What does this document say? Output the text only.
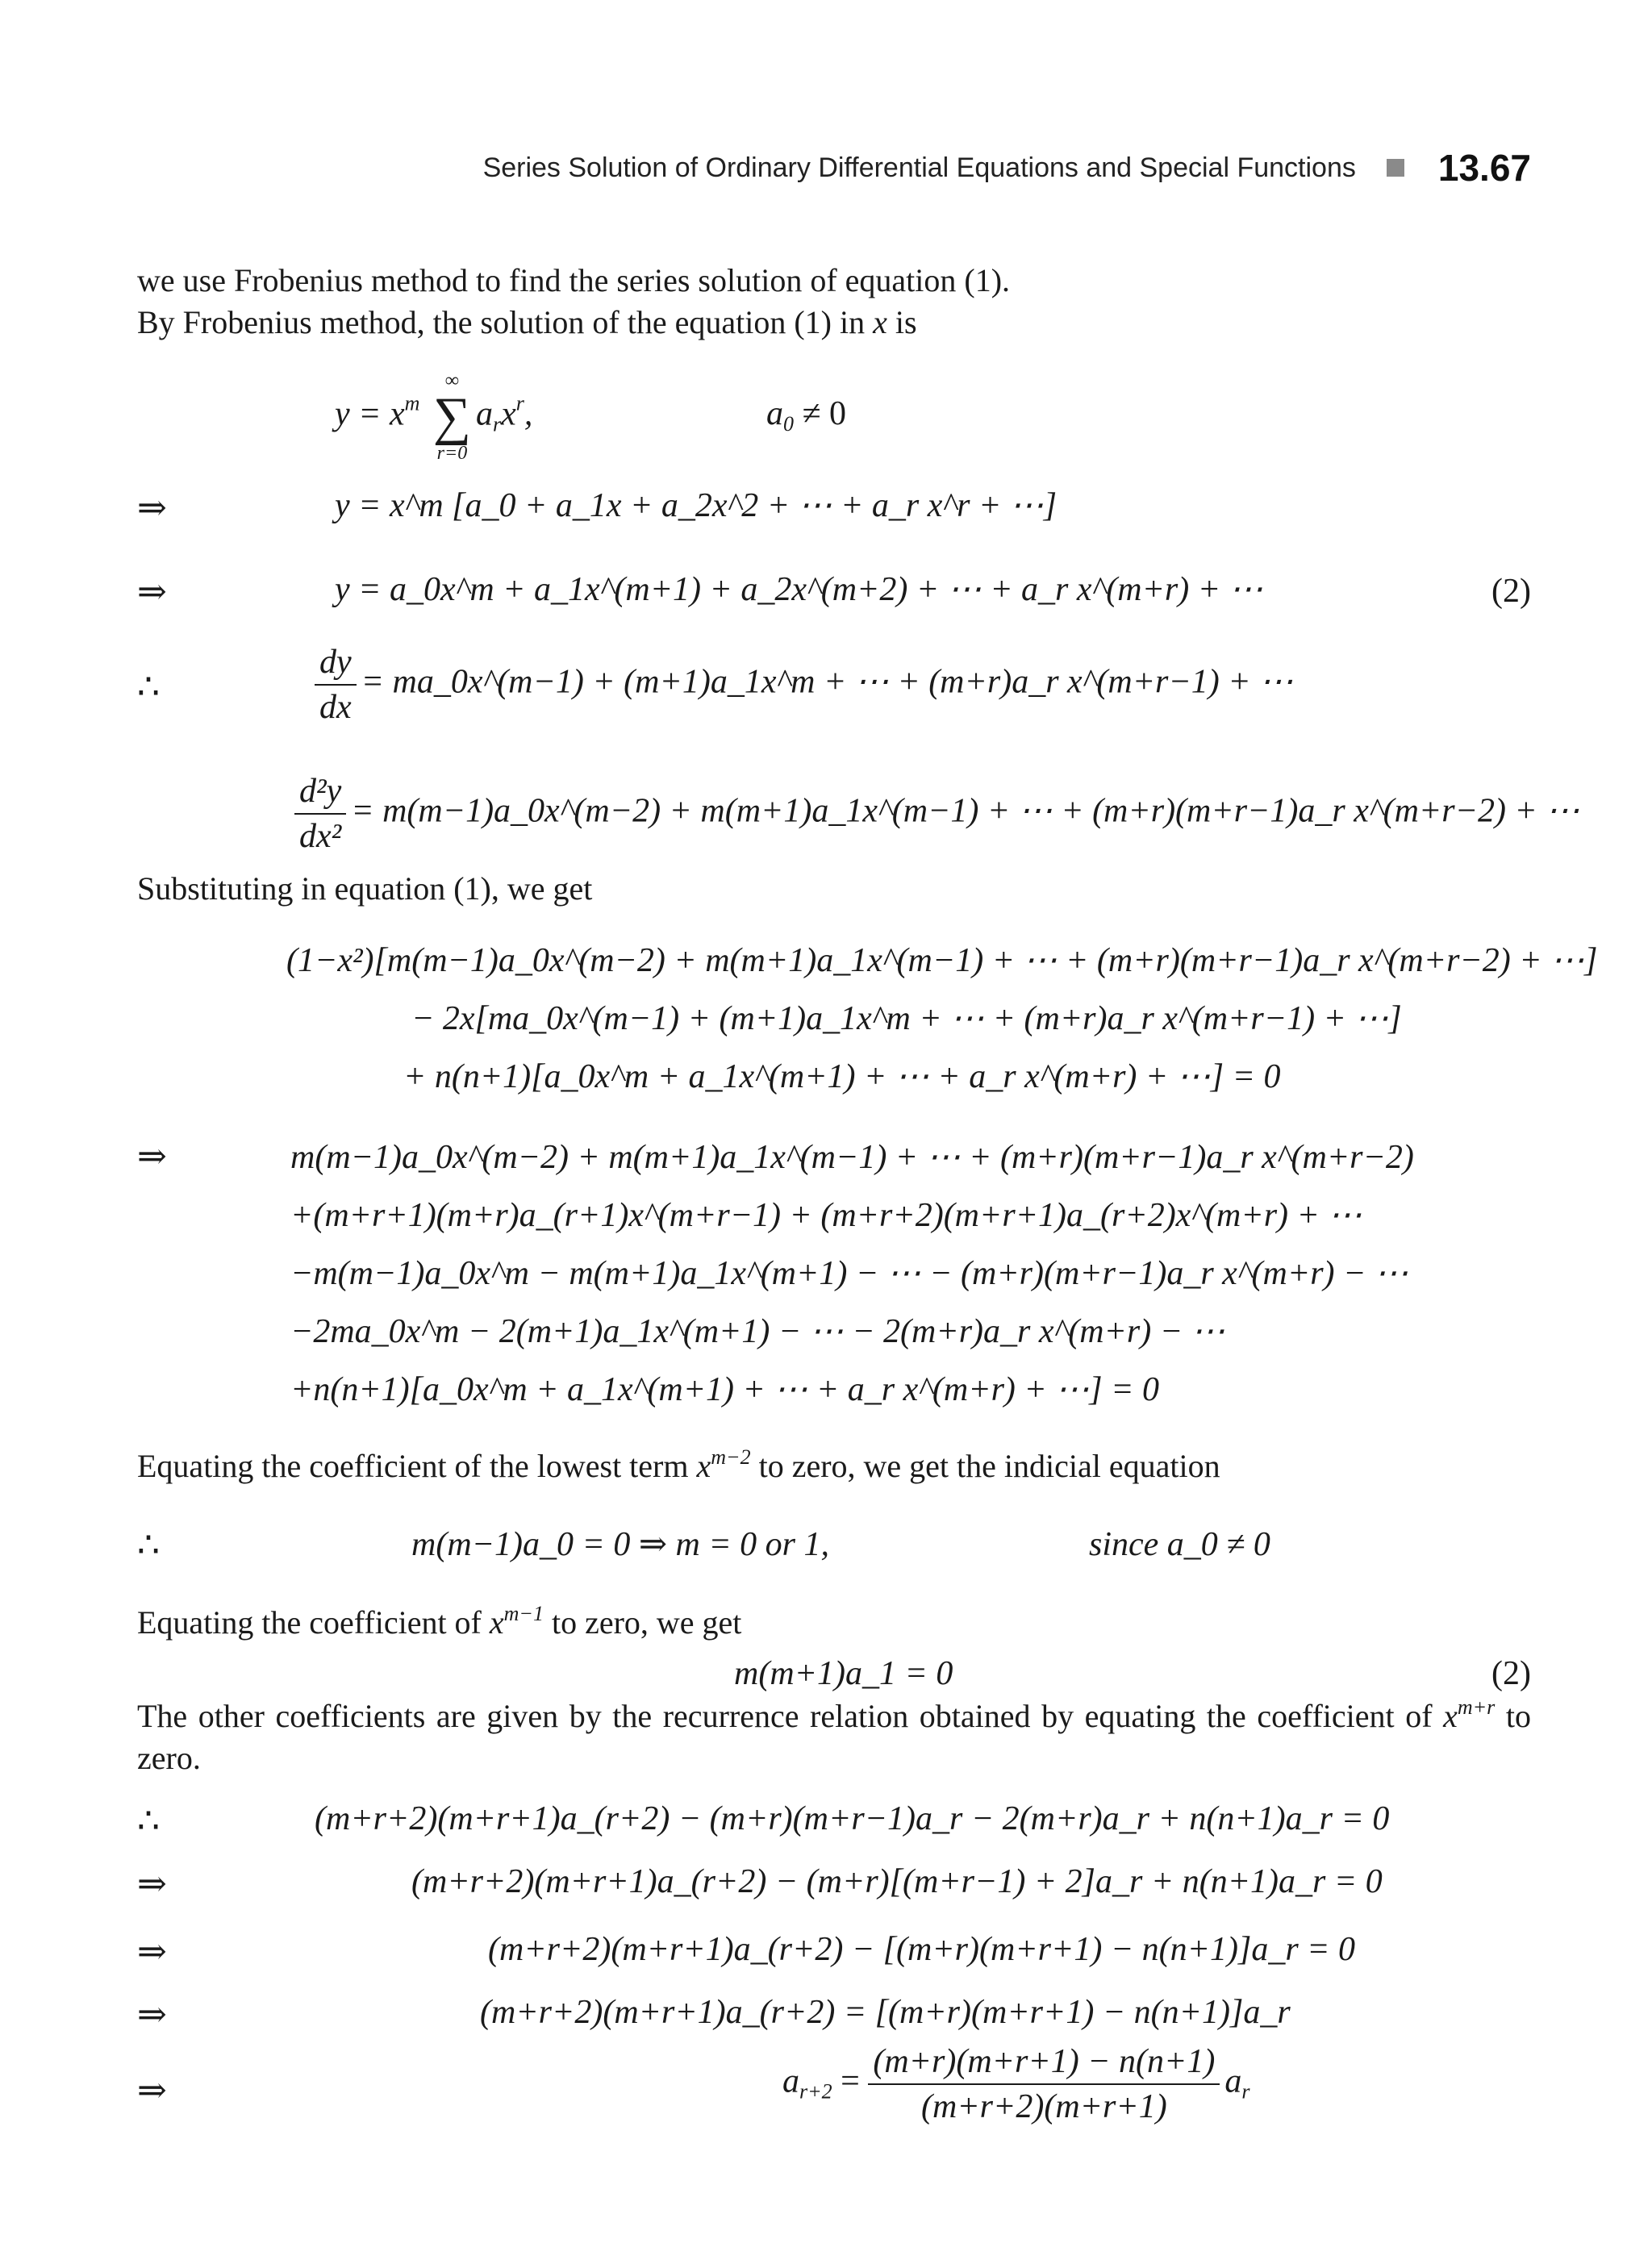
Series Solution of Ordinary Differential Equations and Special Functions 13.67
we use Frobenius method to find the series solution of equation (1).
By Frobenius method, the solution of the equation (1) in x is
$y = x^m$
∞
∑
r=0
$a_rx^r$,	$a_0 \ne 0$
⇒	y = x^m [a_0 + a_1x + a_2x^2 + ⋯ + a_r x^r + ⋯]
⇒	y = a_0x^m + a_1x^(m+1) + a_2x^(m+2) + ⋯ + a_r x^(m+r) + ⋯	(2)
∴	$\frac{dy}{dx}$ = ma_0x^(m−1) + (m+1)a_1x^m + ⋯ + (m+r)a_r x^(m+r−1) + ⋯
$\frac{\text{d²y}}{\text{dx²}}$ = m(m−1)a_0x^(m−2) + m(m+1)a_1x^(m−1) + ⋯ + (m+r)(m+r−1)a_r x^(m+r−2) + ⋯
Substituting in equation (1), we get
(1−x²)[m(m−1)a_0x^(m−2) + m(m+1)a_1x^(m−1) + ⋯ + (m+r)(m+r−1)a_r x^(m+r−2) + ⋯]
− 2x[ma_0x^(m−1) + (m+1)a_1x^m + ⋯ + (m+r)a_r x^(m+r−1) + ⋯]
+ n(n+1)[a_0x^m + a_1x^(m+1) + ⋯ + a_r x^(m+r) + ⋯] = 0
⇒	m(m−1)a_0x^(m−2) + m(m+1)a_1x^(m−1) + ⋯ + (m+r)(m+r−1)a_r x^(m+r−2)
+(m+r+1)(m+r)a_(r+1)x^(m+r−1) + (m+r+2)(m+r+1)a_(r+2)x^(m+r) + ⋯
−m(m−1)a_0x^m − m(m+1)a_1x^(m+1) − ⋯ − (m+r)(m+r−1)a_r x^(m+r) − ⋯
−2ma_0x^m − 2(m+1)a_1x^(m+1) − ⋯ − 2(m+r)a_r x^(m+r) − ⋯
+n(n+1)[a_0x^m + a_1x^(m+1) + ⋯ + a_r x^(m+r) + ⋯] = 0
Equating the coefficient of the lowest term $x^{m-2}$ to zero, we get the indicial equation
∴	m(m−1)a_0 = 0 ⇒ m = 0 or 1,	since a_0 ≠ 0
Equating the coefficient of $x^{m-1}$ to zero, we get
m(m+1)a_1 = 0	(2)
The other coefficients are given by the recurrence relation obtained by equating the coefficient of $x^{m+r}$ to zero.
∴	(m+r+2)(m+r+1)a_(r+2) − (m+r)(m+r−1)a_r − 2(m+r)a_r + n(n+1)a_r = 0
⇒	(m+r+2)(m+r+1)a_(r+2) − (m+r)[(m+r−1) + 2]a_r + n(n+1)a_r = 0
⇒	(m+r+2)(m+r+1)a_(r+2) − [(m+r)(m+r+1) − n(n+1)]a_r = 0
⇒	(m+r+2)(m+r+1)a_(r+2) = [(m+r)(m+r+1) − n(n+1)]a_r
⇒	$a_{r+2} = \frac{(m+r)(m+r+1) - n(n+1)}{(m+r+2)(m+r+1)} a_r$
